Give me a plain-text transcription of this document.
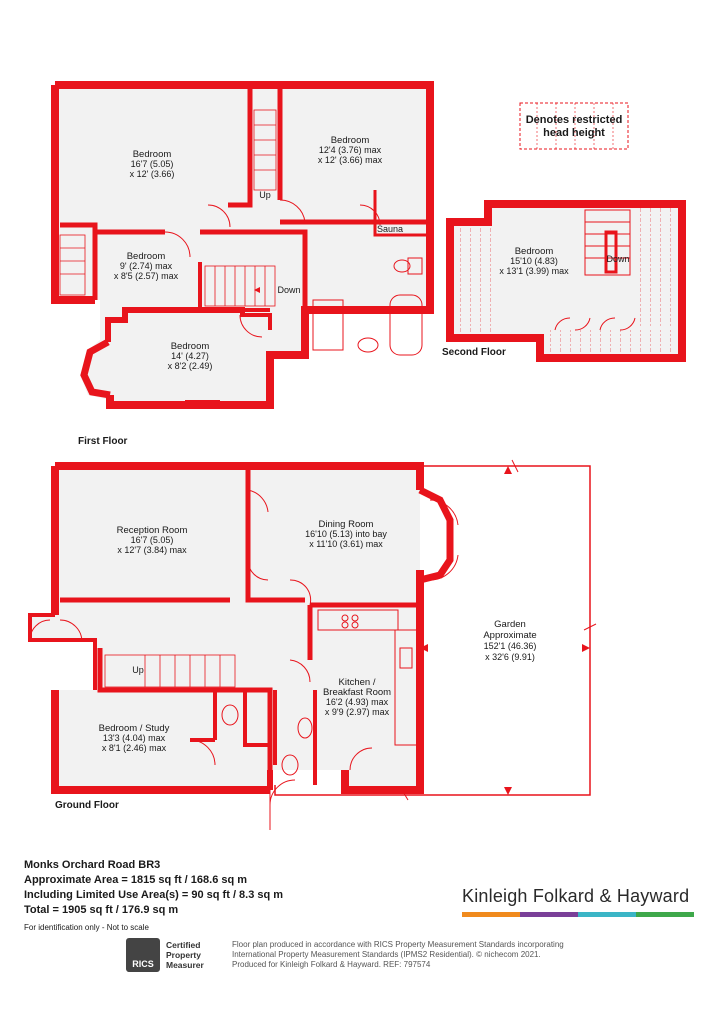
Denotes restricted
head height
Bedroom
16'7 (5.05)
x 12' (3.66)
Bedroom
12'4 (3.76) max
x 12' (3.66) max
Bedroom
9' (2.74) max
x 8'5 (2.57) max
Bedroom
14' (4.27)
x 8'2 (2.49)
Sauna
Up
Down
First Floor
Bedroom
15'10 (4.83)
x 13'1 (3.99) max
Down
Second Floor
Reception Room
16'7 (5.05)
x 12'7 (3.84) max
Dining Room
16'10 (5.13) into bay
x 11'10 (3.61) max
Kitchen /
Breakfast Room
16'2 (4.93) max
x 9'9 (2.97) max
Bedroom / Study
13'3 (4.04) max
x 8'1 (2.46) max
Garden
Approximate
152'1 (46.36)
x 32'6 (9.91)
Up
Ground Floor
Monks Orchard Road BR3
Approximate Area = 1815 sq ft / 168.6 sq m
Including Limited Use Area(s) = 90 sq ft / 8.3 sq m
Total = 1905 sq ft / 176.9 sq m
For identification only - Not to scale
Kinleigh Folkard & Hayward
RICS
Certified
Property
Measurer
Floor plan produced in accordance with RICS Property Measurement Standards incorporating
International Property Measurement Standards (IPMS2 Residential). © nichecom 2021.
Produced for Kinleigh Folkard & Hayward. REF: 797574
